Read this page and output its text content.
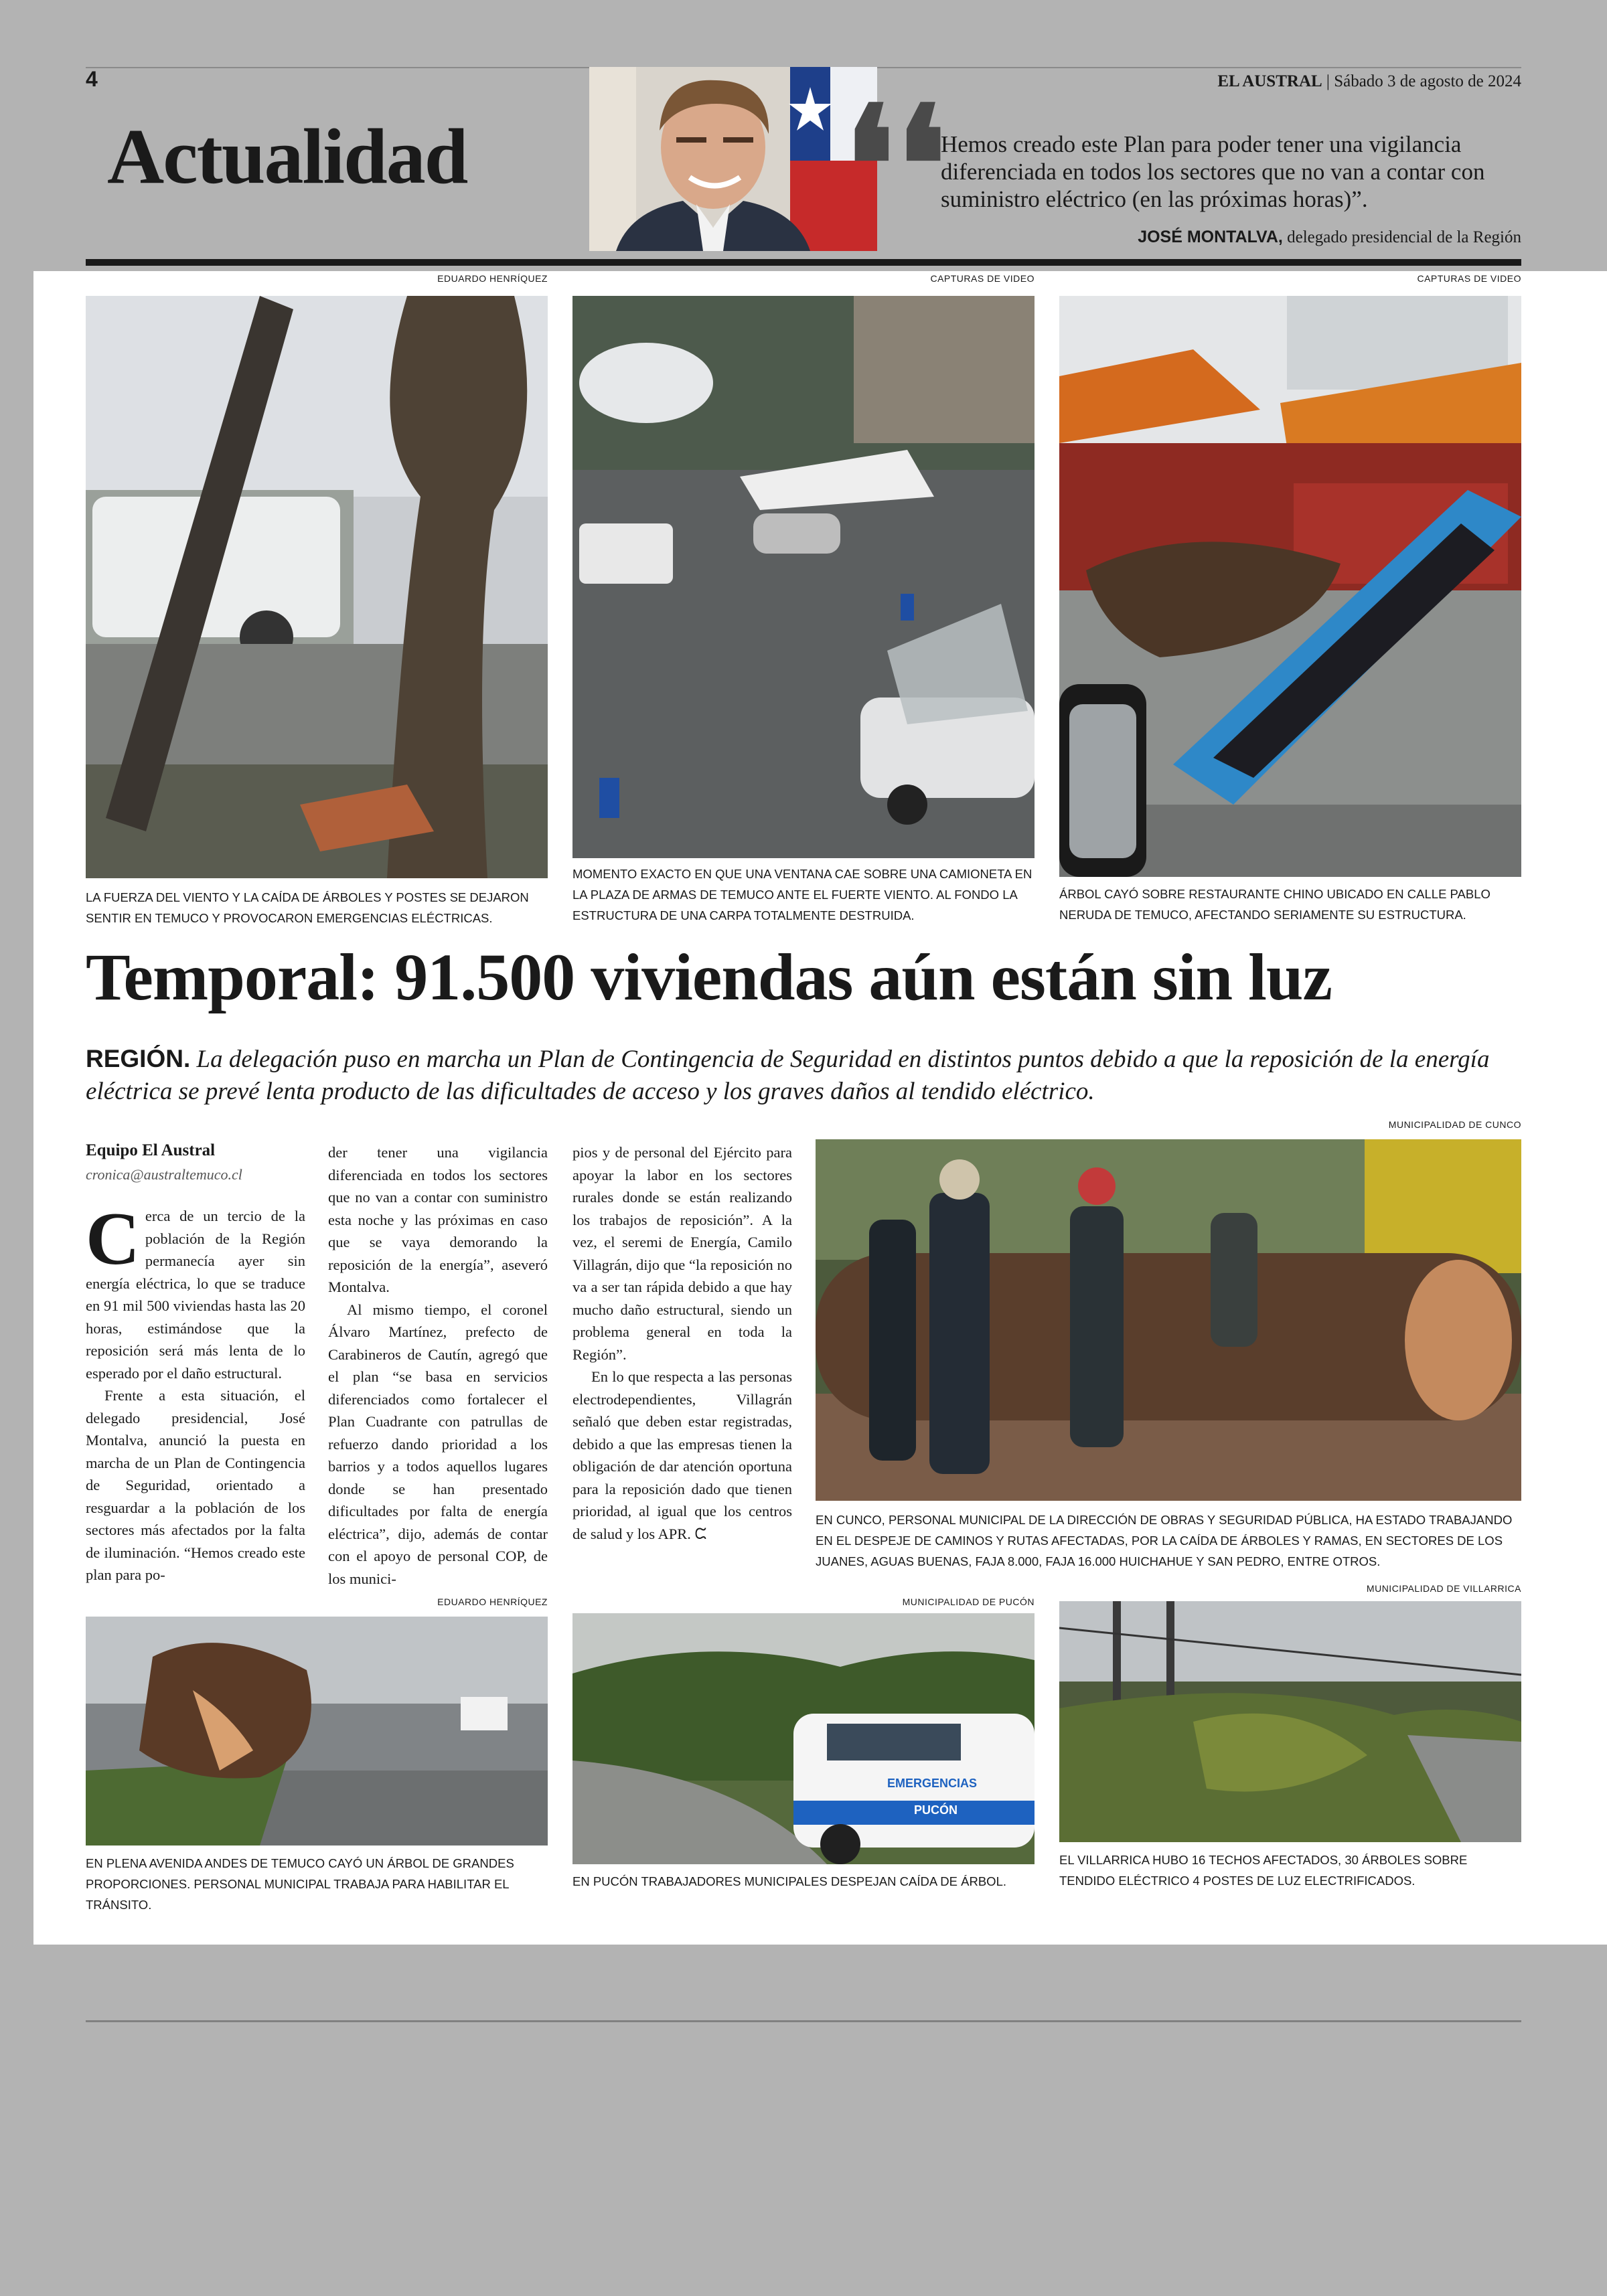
4	EL AUSTRAL | Sábado 3 de agosto de 2024
Actualidad ❛❛
Hemos creado este Plan para poder tener una vigilancia diferenciada en todos los sectores que no van a contar con suministro eléctrico (en las próximas horas)”.
JOSÉ MONTALVA, delegado presidencial de la Región
EDUARDO HENRÍQUEZ
LA FUERZA DEL VIENTO Y LA CAÍDA DE ÁRBOLES Y POSTES SE DEJARON SENTIR EN TEMUCO Y PROVOCARON EMERGENCIAS ELÉCTRICAS.
CAPTURAS DE VIDEO
MOMENTO EXACTO EN QUE UNA VENTANA CAE SOBRE UNA CAMIONETA EN LA PLAZA DE ARMAS DE TEMUCO ANTE EL FUERTE VIENTO. AL FONDO LA ESTRUCTURA DE UNA CARPA TOTALMENTE DESTRUIDA.
CAPTURAS DE VIDEO
ÁRBOL CAYÓ SOBRE RESTAURANTE CHINO UBICADO EN CALLE PABLO NERUDA DE TEMUCO, AFECTANDO SERIAMENTE SU ESTRUCTURA.
Temporal: 91.500 viviendas aún están sin luz
REGIÓN. La delegación puso en marcha un Plan de Contingencia de Seguridad en distintos puntos debido a que la reposición de la energía eléctrica se prevé lenta producto de las dificultades de acceso y los graves daños al tendido eléctrico.
Equipo El Austral
cronica@australtemuco.cl

Cerca de un tercio de la población de la Región permanecía ayer sin energía eléctrica, lo que se traduce en 91 mil 500 viviendas hasta las 20 horas, estimándose que la reposición será más lenta de lo esperado por el daño estructural.

Frente a esta situación, el delegado presidencial, José Montalva, anunció la puesta en marcha de un Plan de Contingencia de Seguridad, orientado a resguardar a la población de los sectores más afectados por la falta de iluminación. “Hemos creado este plan para po-

der tener una vigilancia diferenciada en todos los sectores que no van a contar con suministro esta noche y las próximas en caso que se vaya demorando la reposición de la energía”, aseveró Montalva.

Al mismo tiempo, el coronel Álvaro Martínez, prefecto de Carabineros de Cautín, agregó que el plan “se basa en servicios diferenciados como fortalecer el Plan Cuadrante con patrullas de refuerzo dando prioridad a los barrios y a todos aquellos lugares donde se han presentado dificultades por falta de energía eléctrica”, dijo, además de contar con el apoyo de personal COP, de los munici-

pios y de personal del Ejército para apoyar la labor en los sectores rurales donde se están realizando los trabajos de reposición”. A la vez, el seremi de Energía, Camilo Villagrán, dijo que “la reposición no va a ser tan rápida debido a que hay mucho daño estructural, siendo un problema general en toda la Región”.

En lo que respecta a las personas electrodependientes, Villagrán señaló que deben estar registradas, debido a que las empresas tienen la obligación de dar atención oportuna para la reposición dado que tienen prioridad, al igual que los centros de salud y los APR. ᙅ

MUNICIPALIDAD DE CUNCO
EN CUNCO, PERSONAL MUNICIPAL DE LA DIRECCIÓN DE OBRAS Y SEGURIDAD PÚBLICA, HA ESTADO TRABAJANDO EN EL DESPEJE DE CAMINOS Y RUTAS AFECTADAS, POR LA CAÍDA DE ÁRBOLES Y RAMAS, EN SECTORES DE LOS JUANES, AGUAS BUENAS, FAJA 8.000, FAJA 16.000 HUICHAHUE Y SAN PEDRO, ENTRE OTROS.
EDUARDO HENRÍQUEZ
EN PLENA AVENIDA ANDES DE TEMUCO CAYÓ UN ÁRBOL DE GRANDES PROPORCIONES. PERSONAL MUNICIPAL TRABAJA PARA HABILITAR EL TRÁNSITO.
MUNICIPALIDAD DE PUCÓN
EMERGENCIAS
PUCÓN
EN PUCÓN TRABAJADORES MUNICIPALES DESPEJAN CAÍDA DE ÁRBOL.
MUNICIPALIDAD DE VILLARRICA
EL VILLARRICA HUBO 16 TECHOS AFECTADOS, 30 ÁRBOLES SOBRE TENDIDO ELÉCTRICO 4 POSTES DE LUZ ELECTRIFICADOS.
